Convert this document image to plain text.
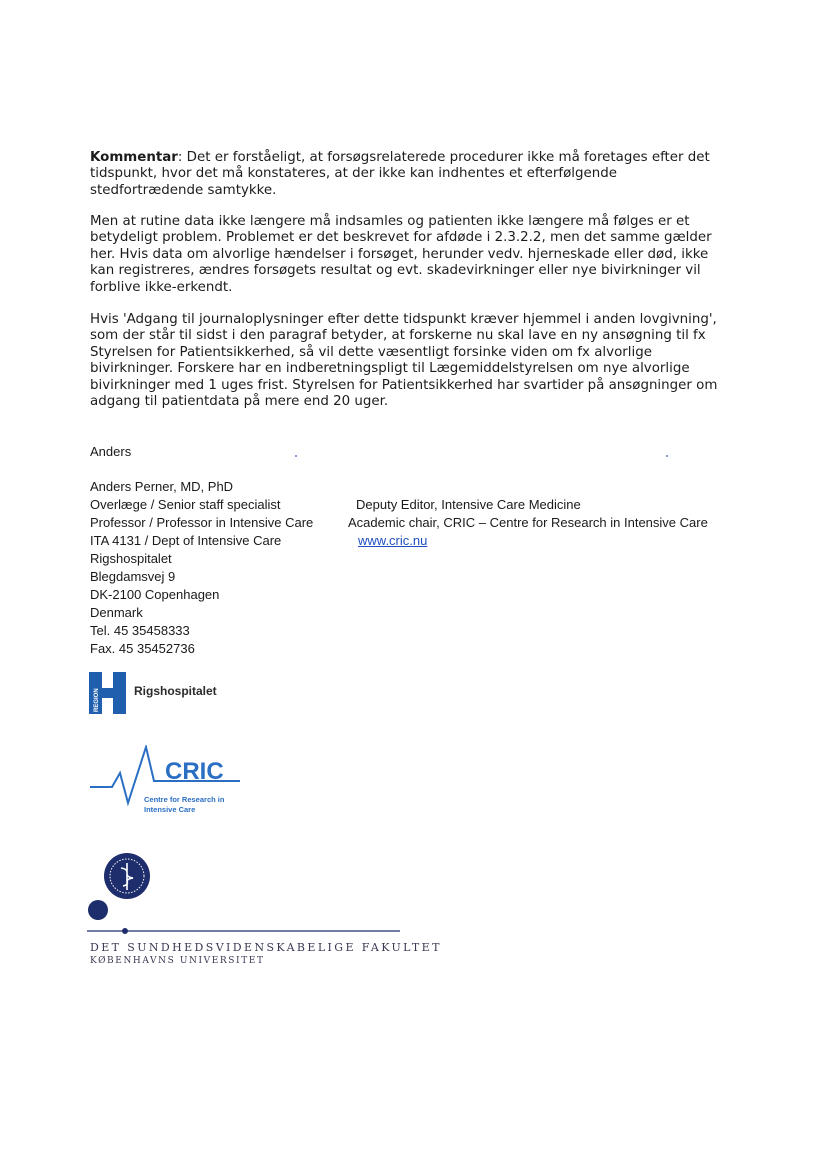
Kommentar: Det er forståeligt, at forsøgsrelaterede procedurer ikke må foretages efter det tidspunkt, hvor det må konstateres, at der ikke kan indhentes et efterfølgende stedfortrædende samtykke.

Men at rutine data ikke længere må indsamles og patienten ikke længere må følges er et betydeligt problem. Problemet er det beskrevet for afdøde i 2.3.2.2, men det samme gælder her. Hvis data om alvorlige hændelser i forsøget, herunder vedv. hjerneskade eller død, ikke kan registreres, ændres forsøgets resultat og evt. skadevirkninger eller nye bivirkninger vil forblive ikke-erkendt.

Hvis 'Adgang til journaloplysninger efter dette tidspunkt kræver hjemmel i anden lovgivning', som der står til sidst i den paragraf betyder, at forskerne nu skal lave en ny ansøgning til fx Styrelsen for Patientsikkerhed, så vil dette væsentligt forsinke viden om fx alvorlige bivirkninger. Forskere har en indberetningspligt til Lægemiddelstyrelsen om nye alvorlige bivirkninger med 1 uges frist. Styrelsen for Patientsikkerhed har svartider på ansøgninger om adgang til patientdata på mere end 20 uger.

Anders
Anders Perner, MD, PhD
Overlæge / Senior staff specialist
Professor / Professor in Intensive Care
ITA 4131 / Dept of Intensive Care
Rigshospitalet
Blegdamsvej 9
DK-2100 Copenhagen
Denmark
Tel. 45 35458333
Fax. 45 35452736
Deputy Editor, Intensive Care Medicine
Academic chair, CRIC – Centre for Research in Intensive Care
www.cric.nu
REGION	Rigshospitalet
CRIC
Centre for Research in
Intensive Care
DET SUNDHEDSVIDENSKABELIGE FAKULTET
KØBENHAVNS UNIVERSITET
